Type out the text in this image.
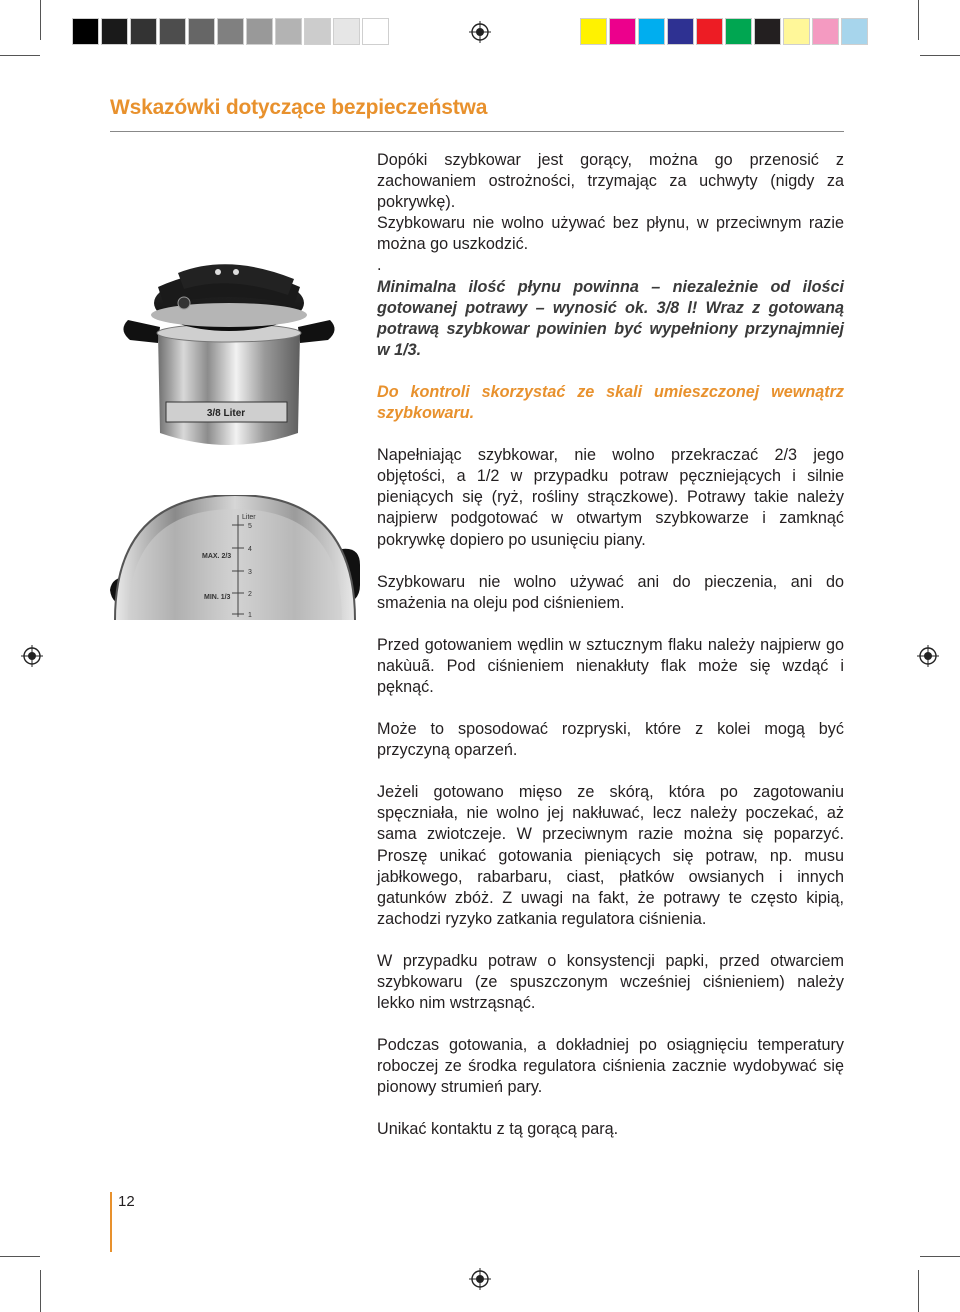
Wskazówki dotyczące bezpieczeństwa
3/8 Liter
Liter
5
4
3
2
1
MAX. 2/3
MIN. 1/3

Dopóki szybkowar jest gorący, można go przenosić z zachowaniem ostrożności, trzymając za uchwyty (nigdy za pokrywkę).

Szybkowaru nie wolno używać bez płynu, w przeciwnym razie można go uszkodzić.

.

Minimalna ilość płynu powinna – niezależnie od ilości gotowanej potrawy – wynosić ok. 3/8 l! Wraz z gotowaną potrawą szybkowar powinien być wypełniony przynajmniej w 1/3.

Do kontroli skorzystać ze skali umieszczonej wewnątrz szybkowaru.

Napełniając szybkowar, nie wolno przekraczać 2/3 jego objętości, a 1/2 w przypadku potraw pęczniejących i silnie pieniących się (ryż, rośliny strączkowe). Potrawy takie należy najpierw podgotować w otwartym szybkowarze i zamknąć pokrywkę dopiero po usunięciu piany.

Szybkowaru nie wolno używać ani do pieczenia, ani do smażenia na oleju pod ciśnieniem.

Przed gotowaniem wędlin w sztucznym flaku należy najpierw go nakùuã. Pod ciśnieniem nienakłuty flak może się wzdąć i pęknąć.

Może to sposodować rozpryski, które z kolei mogą być przyczyną oparzeń.

Jeżeli gotowano mięso ze skórą, która po zagotowaniu spęczniała, nie wolno jej nakłuwać, lecz należy poczekać, aż sama zwiotczeje. W przeciwnym razie można się poparzyć. Proszę unikać gotowania pieniących się potraw, np. musu jabłkowego, rabarbaru, ciast, płatków owsianych i innych gatunków zbóż. Z uwagi na fakt, że potrawy te często kipią, zachodzi ryzyko zatkania regulatora ciśnienia.

W przypadku potraw o konsystencji papki, przed otwarciem szybkowaru (ze spuszczonym wcześniej ciśnieniem) należy lekko nim wstrząsnąć.

Podczas gotowania, a dokładniej po osiągnięciu temperatury roboczej ze środka regulatora ciśnienia zacznie wydobywać się pionowy strumień pary.

Unikać kontaktu z tą gorącą parą.

12
